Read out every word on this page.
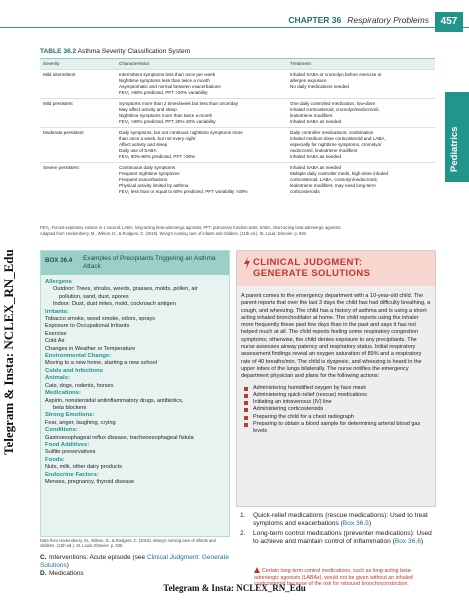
CHAPTER 36 Respiratory Problems	457
Pediatrics
TABLE 36.2 Asthma Severity Classification System
Severity	Characteristics	Treatment
Mild intermittent	Intermittent symptoms less than once per week
Nighttime symptoms less than twice a month
Asymptomatic and normal between exacerbations
FEV₁ >80% predicted, PFT >20% variability	Inhaled SABA or cromolyn before exercise or
allergen exposure
No daily medications needed

Mild persistent	Symptoms more than 2 times/week but less than once/day
May affect activity and sleep
Nighttime symptoms more than twice a month
FEV₁ >80% predicted, PFT 20%-30% variability	One daily controlled medication, low-dose
inhaled corticosteroid, cromolyn/nedocromil,
leukotriene modifiers
Inhaled SABA as needed

Moderate persistent	Daily symptoms, but not continual; nighttime symptoms more
than once a week, but not every night
Affect activity and sleep
Daily use of SABA
FEV₁ 60%-80% predicted, PFT >30%	Daily controller medications; combination
inhaled medium-dose corticosteroid and LABA,
especially for nighttime symptoms, cromolyn/
nedocromil, leukotriene modifiers
Inhaled SABA as needed

Severe persistent	Continuous daily symptoms
Frequent nighttime symptoms
Frequent exacerbations
Physical activity limited by asthma
FEV₁ less than or equal to 60% predicted, PFT variability >30%	Inhaled SABA as needed
Multiple daily controller meds, high-dose inhaled
corticosteroid, LABA, cromolyn/nedocromil,
leukotriene modifiers; may need long-term
corticosteroids
FEV₁, Forced expiratory volume in 1 second; LABA, long-acting beta-adrenergic agonists; PFT, pulmonary function tests; SABA, short-acting beta-adrenergic agonists.
Adapted from Hockenberry, M., Wilson, D., & Rodgers, C. (2019). Wong's nursing care of infants and children. (11th ed.). St. Louis: Elsevier. p. 930.
BOX 36.4 Examples of Precipitants Triggering an Asthma Attack
Allergens
Outdoor: Trees, shrubs, weeds, grasses, molds, pollen, air
pollution, sand, dust, spores
Indoor: Dust, dust mites, mold, cockroach antigen
Irritants:
Tobacco smoke, wood smoke, odors, sprays
Exposure to Occupational Irritants
Exercise
Cold Air
Changes in Weather or Temperature
Environmental Change:
Moving to a new home, starting a new school
Colds and Infections
Animals:
Cats, dogs, rodents, horses
Medications:
Aspirin, nonsteroidal antiinflammatory drugs, antibiotics,
beta blockers
Strong Emotions:
Fear, anger, laughing, crying
Conditions:
Gastroesophageal reflux disease, tracheoesophageal fistula
Food Additives:
Sulfite preservatives
Foods:
Nuts, milk, other dairy products
Endocrine Factors:
Menses, pregnancy, thyroid disease
Data from Hockenberry, M., Wilson, D., & Rodgers, C. (2019). Wong's nursing care of infants and children. (11th ed.). St. Louis: Elsevier. p. 930.
C. Interventions: Acute episode (see Clinical Judgment: Generate Solutions)
D. Medications
CLINICAL JUDGMENT:
GENERATE SOLUTIONS
A parent comes to the emergency department with a 10-year-old child. The parent reports that over the last 3 days the child has had difficulty breathing, a cough, and wheezing. The child has a history of asthma and is using a short-acting inhaled bronchodilator at home. The child reports using the inhaler more frequently these past few days than in the past and says it has not helped much at all. The child reports feeling some respiratory congestion symptoms; otherwise, the child denies exposure to any precipitants. The nurse assesses airway patency and respiratory status. Initial respiratory assessment findings reveal an oxygen saturation of 89% and a respiratory rate of 40 breaths/min. The child is dyspneic, and wheezing is heard in the upper lobes of the lungs bilaterally. The nurse notifies the emergency department physician and plans for the following actions:
Administering humidified oxygen by face mask
Administering quick-relief (rescue) medications
Initiating an intravenous (IV) line
Administering corticosteroids
Preparing the child for a chest radiograph
Preparing to obtain a blood sample for determining arterial blood gas levels
1.	Quick-relief medications (rescue medications): Used to treat symptoms and exacerbations (Box 36.5)
2.	Long-term control medications (preventer medications): Used to achieve and maintain control of inflammation (Box 36.6)
Certain long-term control medications, such as long-acting beta-adrenergic agonists (LABAs), would not be given without an inhaled corticosteroid because of the risk for rebound bronchoconstriction.
Telegram & Insta: NCLEX_RN_Edu
Telegram & Insta: NCLEX_RN_Edu
